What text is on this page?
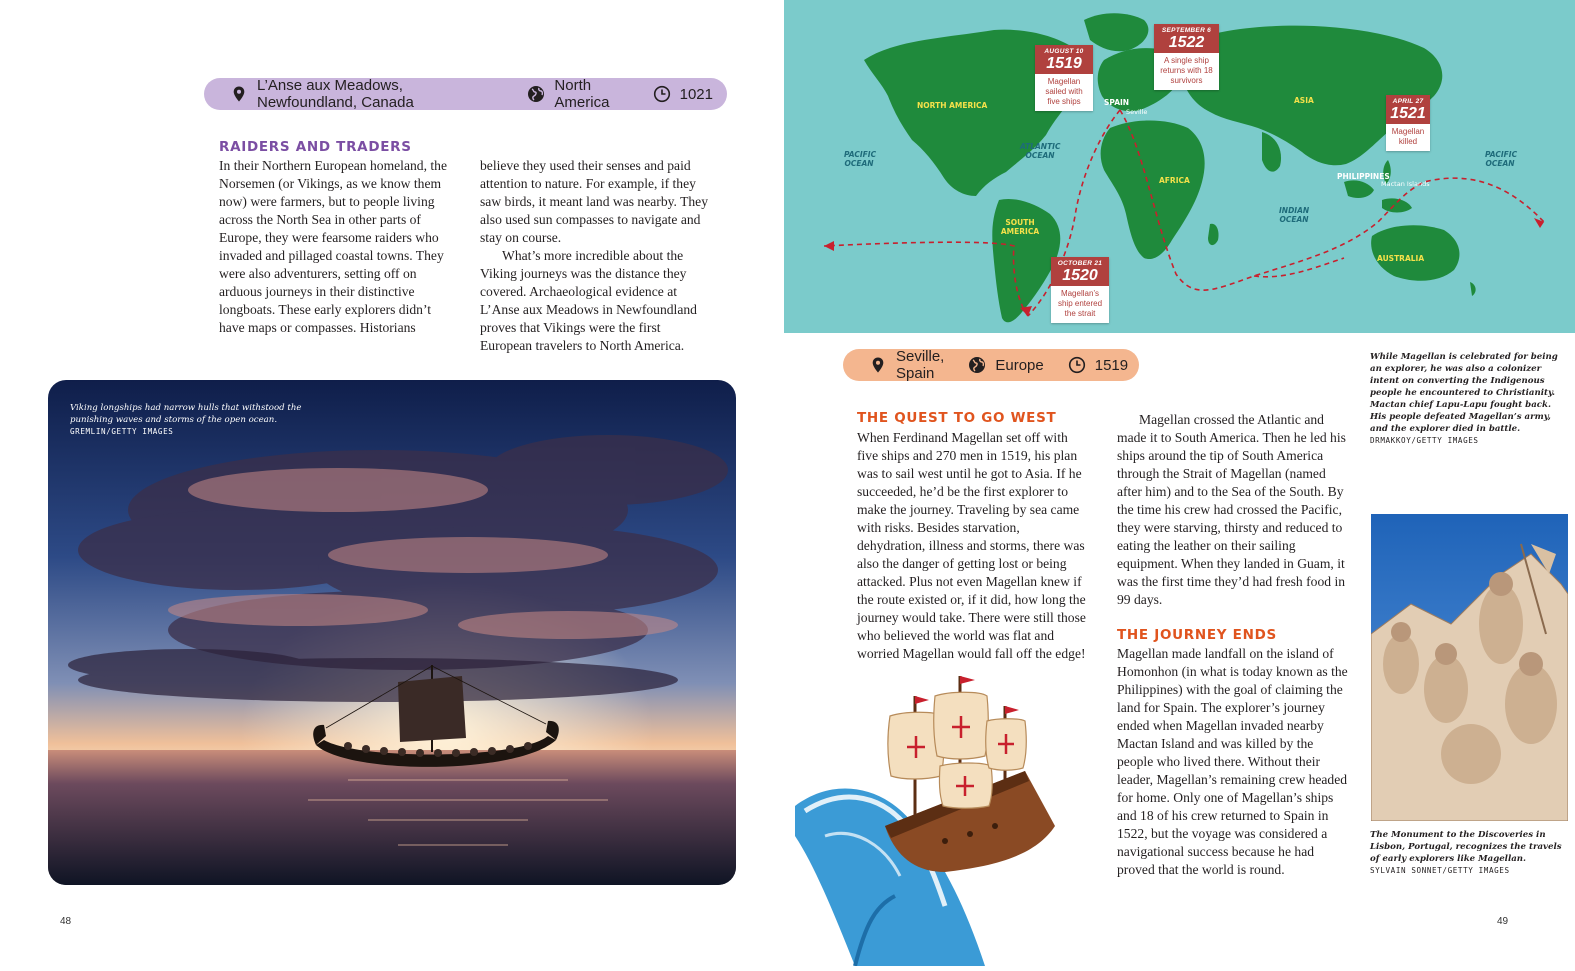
L’Anse aux Meadows, Newfoundland, Canada
North America	1021
RAIDERS AND TRADERS

In their Northern European homeland, the Norsemen (or Vikings, as we know them now) were farmers, but to people living across the North Sea in other parts of Europe, they were fearsome raiders who invaded and pillaged coastal towns. They were also adventurers, setting off on arduous journeys in their distinctive longboats. These early explorers didn’t have maps or compasses. Historians

believe they used their senses and paid attention to nature. For example, if they saw birds, it meant land was nearby. They also used sun compasses to navigate and stay on course.

What’s more incredible about the Viking journeys was the distance they covered. Archaeological evidence at L’Anse aux Meadows in Newfoundland proves that Vikings were the first European travelers to North America.

Viking longships had narrow hulls that withstood the punishing waves and storms of the open ocean.
GREMLIN/GETTY IMAGES
48
NORTH AMERICA
SOUTH AMERICA
AFRICA
ASIA
AUSTRALIA
SPAIN
Seville
PHILIPPINES
Mactan Islands
PACIFIC OCEAN
PACIFIC OCEAN
ATLANTIC OCEAN
INDIAN OCEAN
AUGUST 10
1519
Magellan sailed with five ships
SEPTEMBER 6
1522
A single ship returns with 18 survivors
APRIL 27
1521
Magellan killed
OCTOBER 21
1520
Magellan’s ship entered the strait
Seville, Spain	Europe	1519
THE QUEST TO GO WEST

When Ferdinand Magellan set off with five ships and 270 men in 1519, his plan was to sail west until he got to Asia. If he succeeded, he’d be the first explorer to make the journey. Traveling by sea came with risks. Besides starvation, dehydration, illness and storms, there was also the danger of getting lost or being attacked. Plus not even Magellan knew if the route existed or, if it did, how long the journey would take. There were still those who believed the world was flat and worried Magellan would fall off the edge!

Magellan crossed the Atlantic and made it to South America. Then he led his ships around the tip of South America through the Strait of Magellan (named after him) and to the Sea of the South. By the time his crew had crossed the Pacific, they were starving, thirsty and reduced to eating the leather on their sailing equipment. When they landed in Guam, it was the first time they’d had fresh food in 99 days.

THE JOURNEY ENDS

Magellan made landfall on the island of Homonhon (in what is today known as the Philippines) with the goal of claiming the land for Spain. The explorer’s journey ended when Magellan invaded nearby Mactan Island and was killed by the people who lived there. Without their leader, Magellan’s remaining crew headed for home. Only one of Magellan’s ships and 18 of his crew returned to Spain in 1522, but the voyage was considered a navigational success because he had proved that the world is round.

While Magellan is celebrated for being an explorer, he was also a colonizer intent on converting the Indigenous people he encountered to Christianity. Mactan chief Lapu-Lapu fought back. His people defeated Magellan’s army, and the explorer died in battle.
DRMAKKOY/GETTY IMAGES
The Monument to the Discoveries in Lisbon, Portugal, recognizes the travels of early explorers like Magellan.
SYLVAIN SONNET/GETTY IMAGES
49
